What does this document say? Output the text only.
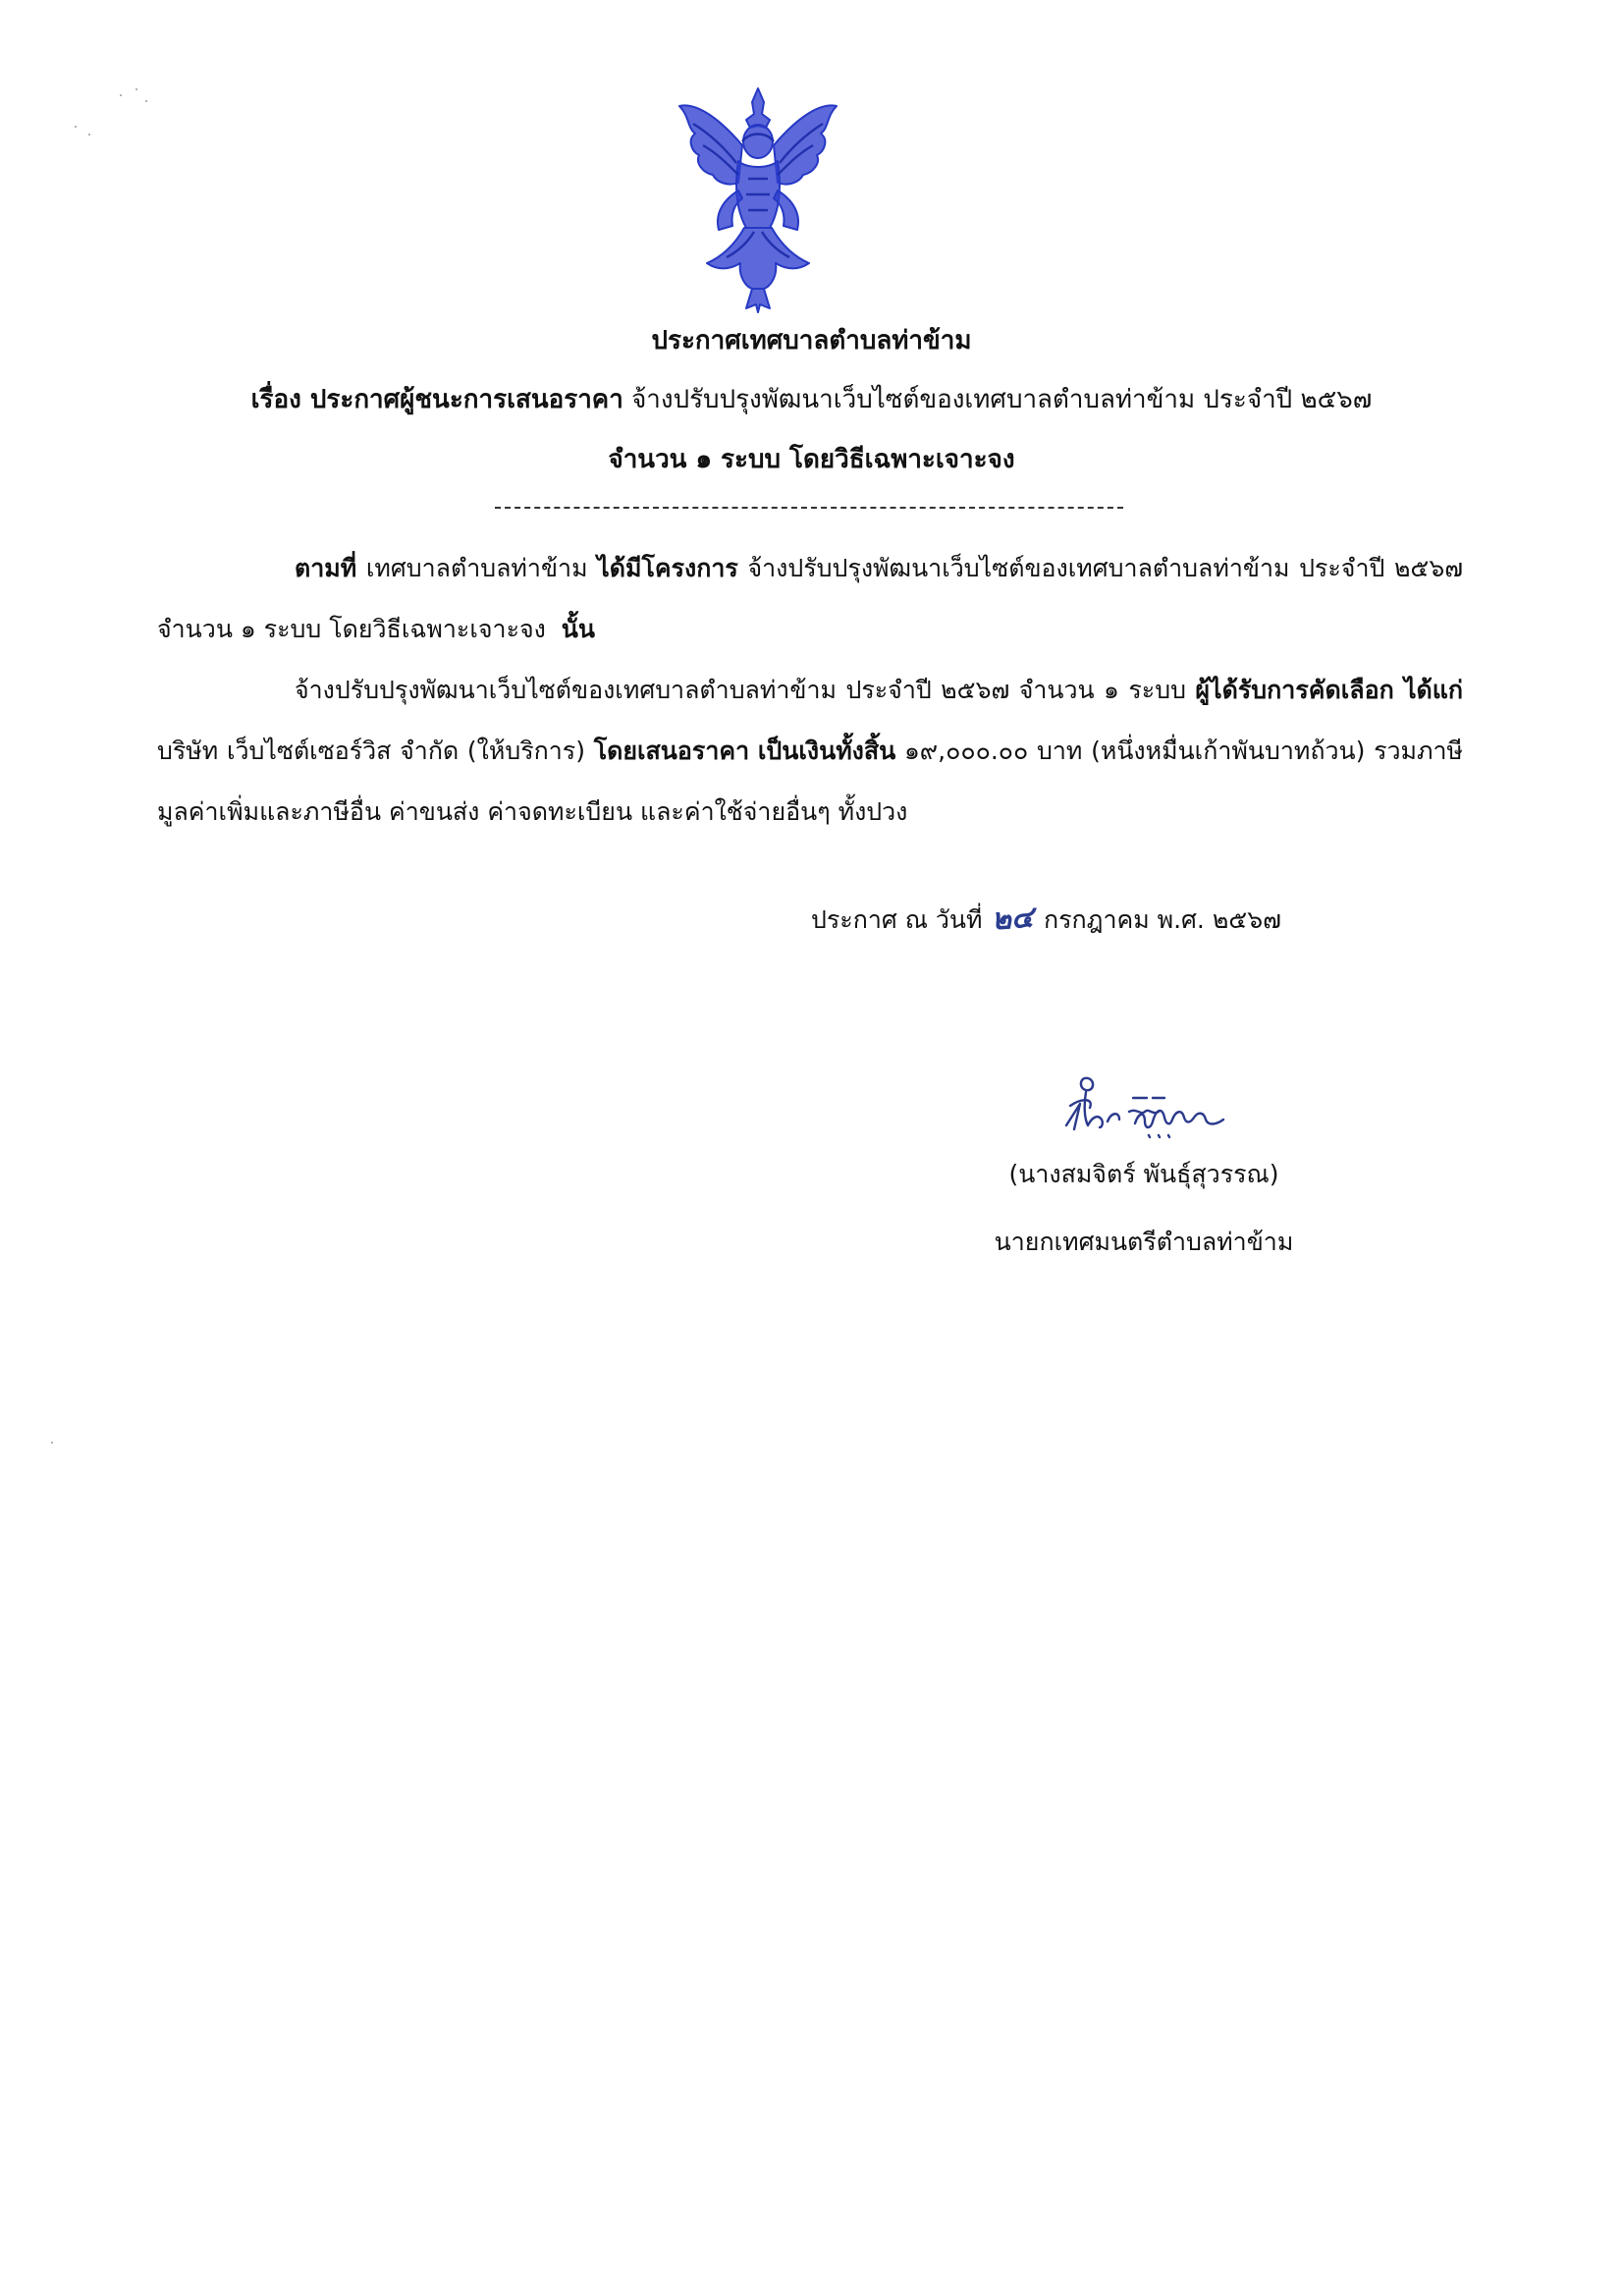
ประกาศเทศบาลตำบลท่าข้าม
เรื่อง ประกาศผู้ชนะการเสนอราคา จ้างปรับปรุงพัฒนาเว็บไซต์ของเทศบาลตำบลท่าข้าม ประจำปี ๒๕๖๗
จำนวน ๑ ระบบ โดยวิธีเฉพาะเจาะจง
ตามที่ เทศบาลตำบลท่าข้าม ได้มีโครงการ จ้างปรับปรุงพัฒนาเว็บไซต์ของเทศบาลตำบลท่าข้าม ประจำปี ๒๕๖๗ จำนวน ๑ ระบบ โดยวิธีเฉพาะเจาะจง นั้น
จ้างปรับปรุงพัฒนาเว็บไซต์ของเทศบาลตำบลท่าข้าม ประจำปี ๒๕๖๗ จำนวน ๑ ระบบ ผู้ได้รับการคัดเลือก ได้แก่ บริษัท เว็บไซต์เซอร์วิส จำกัด (ให้บริการ) โดยเสนอราคา เป็นเงินทั้งสิ้น ๑๙,๐๐๐.๐๐ บาท (หนึ่งหมื่นเก้าพันบาทถ้วน) รวมภาษีมูลค่าเพิ่มและภาษีอื่น ค่าขนส่ง ค่าจดทะเบียน และค่าใช้จ่ายอื่นๆ ทั้งปวง
ประกาศ ณ วันที่ ๒๔ กรกฎาคม พ.ศ. ๒๕๖๗
(นางสมจิตร์ พันธุ์สุวรรณ)
นายกเทศมนตรีตำบลท่าข้าม
